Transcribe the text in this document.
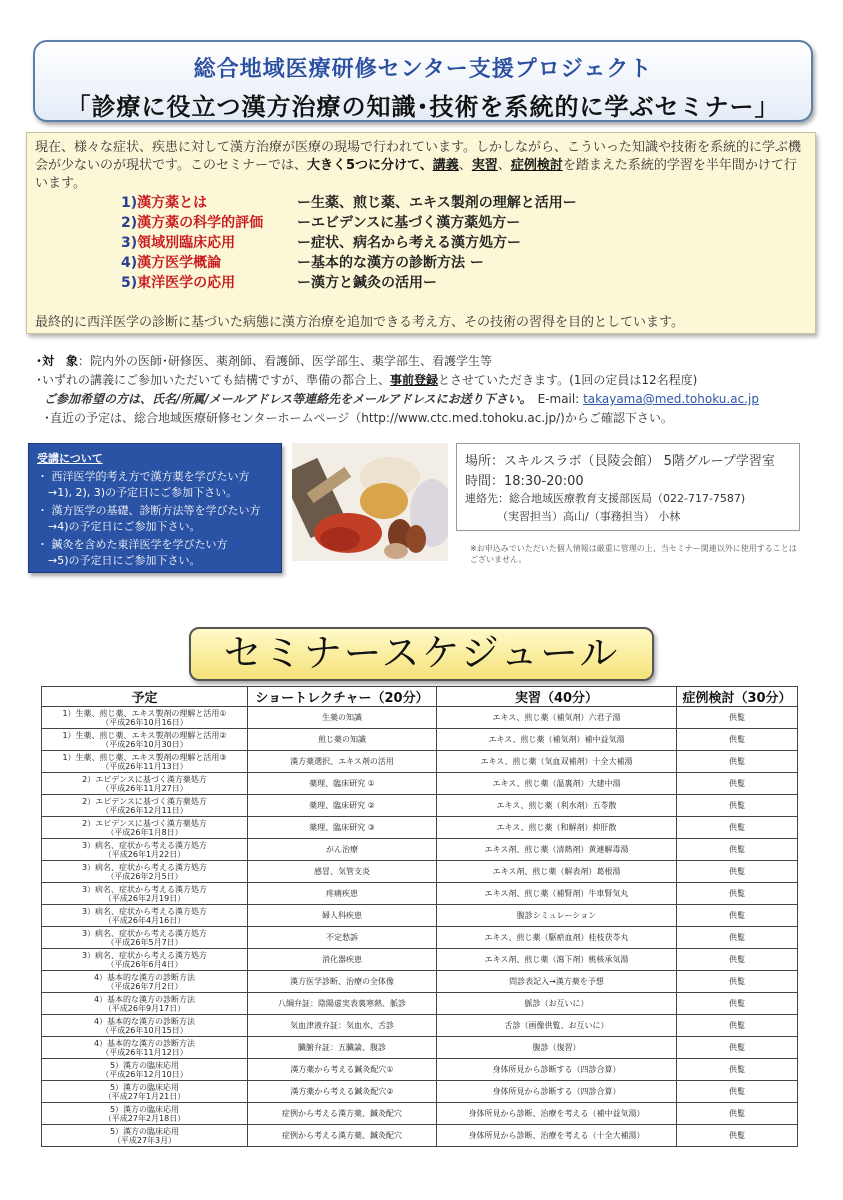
総合地域医療研修センター支援プロジェクト
「診療に役立つ漢方治療の知識･技術を系統的に学ぶセミナー」
現在、様々な症状、疾患に対して漢方治療が医療の現場で行われています。しかしながら、こういった知識や技術を系統的に学ぶ機会が少ないのが現状です。このセミナーでは、大きく5つに分けて、講義、実習、症例検討を踏まえた系統的学習を半年間かけて行います。
1)漢方薬とは	ー生薬、煎じ薬、エキス製剤の理解と活用ー
2)漢方薬の科学的評価 ーエビデンスに基づく漢方薬処方ー
3)領域別臨床応用	ー症状、病名から考える漢方処方ー
4)漢方医学概論	ー基本的な漢方の診断方法 ー
5)東洋医学の応用	ー漢方と鍼灸の活用ー
最終的に西洋医学の診断に基づいた病態に漢方治療を追加できる考え方、その技術の習得を目的としています。
･対　象：院内外の医師･研修医、薬剤師、看護師、医学部生、薬学部生、看護学生等
･いずれの講義にご参加いただいても結構ですが、準備の都合上、事前登録とさせていただきます。(1回の定員は12名程度)
ご参加希望の方は、氏名/所属/メールアドレス等連絡先をメールアドレスにお送り下さい。　 E-mail: takayama@med.tohoku.ac.jp
･直近の予定は、総合地域医療研修センターホームページ（http://www.ctc.med.tohoku.ac.jp/)からご確認下さい。
受講について
・ 西洋医学的考え方で漢方薬を学びたい方
　→1), 2), 3)の予定日にご参加下さい。
・ 漢方医学の基礎、診断方法等を学びたい方
　→4)の予定日にご参加下さい。
・ 鍼灸を含めた東洋医学を学びたい方
　→5)の予定日にご参加下さい。
場所：スキルスラボ（艮陵会館） 5階グループ学習室
時間：18:30-20:00
連絡先：総合地域医療教育支援部医局（022-717-7587)
（実習担当）高山/（事務担当） 小林
※お申込みでいただいた個人情報は厳重に管理の上、当セミナー関連以外に使用することはございません。
セミナースケジュール
予定	ショートレクチャー（20分）	実習（40分）	症例検討（30分）

1）生薬、煎じ薬、エキス製剤の理解と活用①
（平成26年10月16日）	生薬の知識	エキス、煎じ薬（補気剤）六君子湯	供覧

1）生薬、煎じ薬、エキス製剤の理解と活用②
（平成26年10月30日）	煎じ薬の知識	エキス、煎じ薬（補気剤）補中益気湯	供覧

1）生薬、煎じ薬、エキス製剤の理解と活用③
（平成26年11月13日）	漢方薬選択、エキス剤の活用	エキス、煎じ薬（気血双補剤）十全大補湯	供覧

2）エビデンスに基づく漢方薬処方
（平成26年11月27日）	薬理、臨床研究 ①	エキス、煎じ薬（温裏剤）大建中湯	供覧

2）エビデンスに基づく漢方薬処方
（平成26年12月11日）	薬理、臨床研究 ②	エキス、煎じ薬（利水剤）五苓散	供覧

2）エビデンスに基づく漢方薬処方
（平成26年1月8日）	薬理、臨床研究 ③	エキス、煎じ薬（和解剤）抑肝散	供覧

3）病名、症状から考える漢方処方
（平成26年1月22日）	がん治療	エキス剤、煎じ薬（清熱剤）黄連解毒湯	供覧

3）病名、症状から考える漢方処方
（平成26年2月5日）	感冒、気管支炎	エキス剤、煎じ薬（解表剤）葛根湯	供覧

3）病名、症状から考える漢方処方
（平成26年2月19日）	疼痛疾患	エキス剤、煎じ薬（補腎剤）牛車腎気丸	供覧

3）病名、症状から考える漢方処方
（平成26年4月16日）	婦人科疾患	腹診シミュレーション	供覧

3）病名、症状から考える漢方処方
（平成26年5月7日）	不定愁訴	エキス、煎じ薬（駆瘀血剤）桂枝茯苓丸	供覧

3）病名、症状から考える漢方処方
（平成26年6月4日）	消化器疾患	エキス剤、煎じ薬（瀉下剤）桃核承気湯	供覧

4）基本的な漢方の診断方法
（平成26年7月2日）	漢方医学診断、治療の全体像	問診表記入→漢方薬を予想	供覧

4）基本的な漢方の診断方法
（平成26年9月17日）	八綱弁証：陰陽虚実表裏寒熱、脈診	脈診（お互いに）	供覧

4）基本的な漢方の診断方法
（平成26年10月15日）	気血津液弁証：気血水、舌診	舌診（画像供覧、お互いに）	供覧

4）基本的な漢方の診断方法
（平成26年11月12日）	臓腑弁証：五臓論、腹診	腹診（復習）	供覧

5）漢方の臨床応用
（平成26年12月10日）	漢方薬から考える鍼灸配穴①	身体所見から診断する（四診合算）	供覧

5）漢方の臨床応用
（平成27年1月21日）	漢方薬から考える鍼灸配穴②	身体所見から診断する（四診合算）	供覧

5）漢方の臨床応用
（平成27年2月18日）	症例から考える漢方薬、鍼灸配穴	身体所見から診断、治療を考える（補中益気湯）	供覧

5）漢方の臨床応用
（平成27年3月）	症例から考える漢方薬、鍼灸配穴	身体所見から診断、治療を考える（十全大補湯）	供覧
